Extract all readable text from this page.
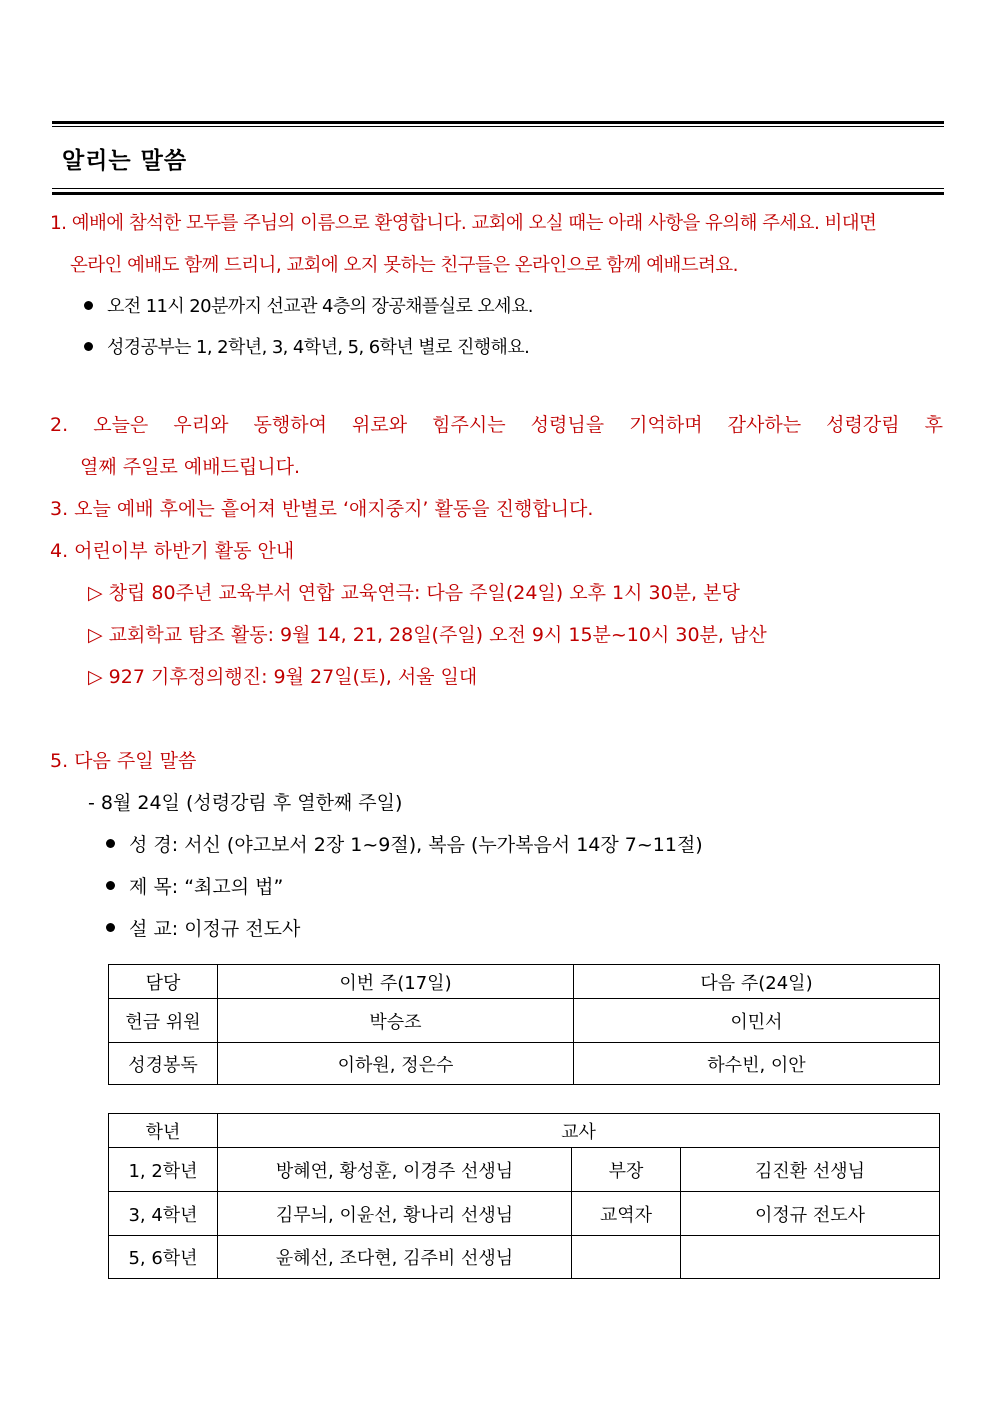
알리는 말씀
1. 예배에 참석한 모두를 주님의 이름으로 환영합니다. 교회에 오실 때는 아래 사항을 유의해 주세요. 비대면
온라인 예배도 함께 드리니, 교회에 오지 못하는 친구들은 온라인으로 함께 예배드려요.
오전 11시 20분까지 선교관 4층의 장공채플실로 오세요.
성경공부는 1, 2학년, 3, 4학년, 5, 6학년 별로 진행해요.
2. 오늘은 우리와 동행하여 위로와 힘주시는 성령님을 기억하며 감사하는 성령강림 후
열째 주일로 예배드립니다.
3. 오늘 예배 후에는 흩어져 반별로 ‘애지중지’ 활동을 진행합니다.
4. 어린이부 하반기 활동 안내
▷ 창립 80주년 교육부서 연합 교육연극: 다음 주일(24일) 오후 1시 30분, 본당
▷ 교회학교 탐조 활동: 9월 14, 21, 28일(주일) 오전 9시 15분~10시 30분, 남산
▷ 927 기후정의행진: 9월 27일(토), 서울 일대
5. 다음 주일 말씀
- 8월 24일 (성령강림 후 열한째 주일)
성 경: 서신 (야고보서 2장 1~9절), 복음 (누가복음서 14장 7~11절)
제 목: “최고의 법”
설 교: 이정규 전도사
담당	이번 주(17일)	다음 주(24일)
헌금 위원	박승조	이민서
성경봉독	이하원, 정은수	하수빈, 이안
학년	교사		
1, 2학년	방혜연, 황성훈, 이경주 선생님	부장	김진환 선생님
3, 4학년	김무늬, 이윤선, 황나리 선생님	교역자	이정규 전도사
5, 6학년	윤혜선, 조다현, 김주비 선생님		
